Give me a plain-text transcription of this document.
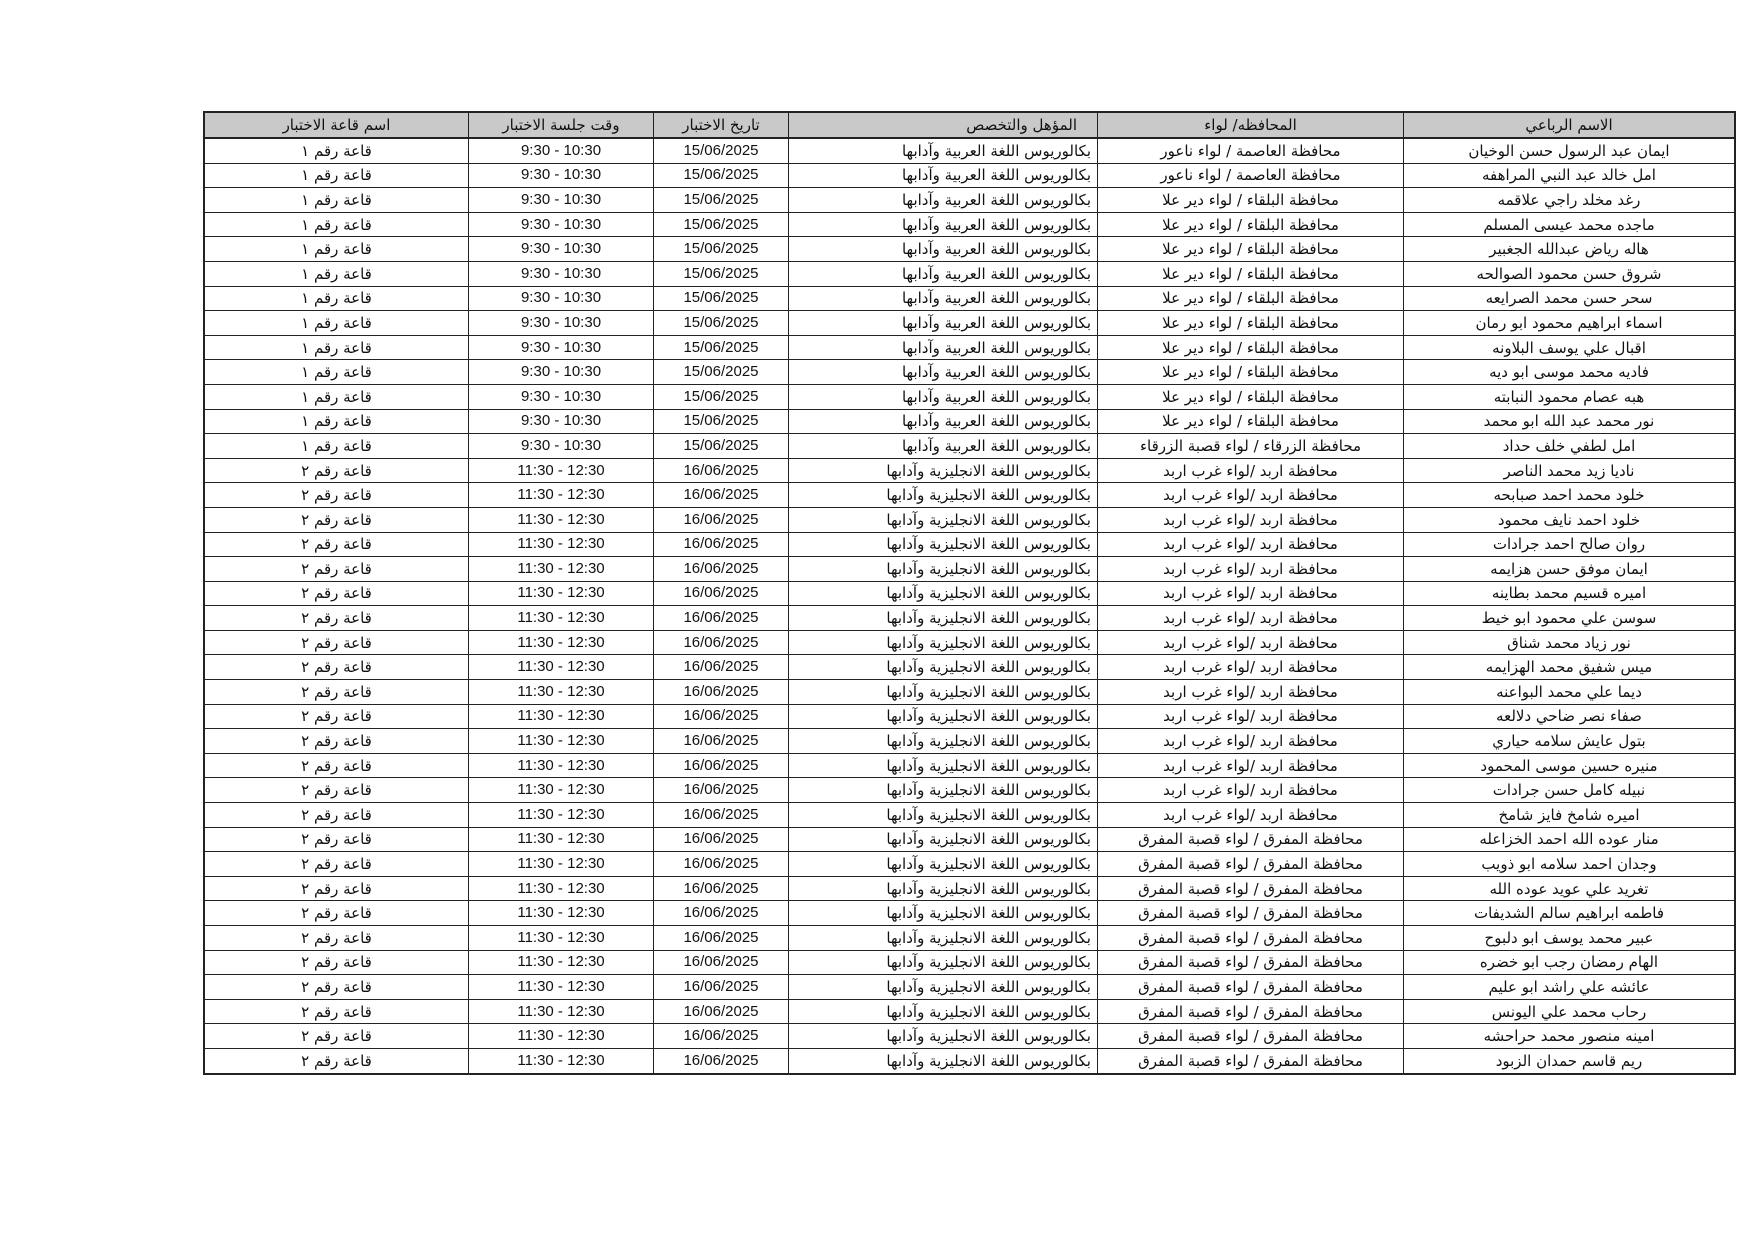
الاسم الرباعي	المحافظه/ لواء	المؤهل والتخصص	تاريخ الاختبار	وقت جلسة الاختبار	اسم قاعة الاختبار
ايمان عبد الرسول حسن الوخيان	محافظة العاصمة / لواء ناعور	بكالوريوس اللغة العربية وآدابها	15/06/2025	9:30 - 10:30	قاعة رقم ١
امل خالد عبد النبي المراهفه	محافظة العاصمة / لواء ناعور	بكالوريوس اللغة العربية وآدابها	15/06/2025	9:30 - 10:30	قاعة رقم ١
رغد مخلد راجي علاقمه	محافظة البلقاء / لواء دير علا	بكالوريوس اللغة العربية وآدابها	15/06/2025	9:30 - 10:30	قاعة رقم ١
ماجده محمد عيسى المسلم	محافظة البلقاء / لواء دير علا	بكالوريوس اللغة العربية وآدابها	15/06/2025	9:30 - 10:30	قاعة رقم ١
هاله رياض عبدالله الجغبير	محافظة البلقاء / لواء دير علا	بكالوريوس اللغة العربية وآدابها	15/06/2025	9:30 - 10:30	قاعة رقم ١
شروق حسن محمود الصوالحه	محافظة البلقاء / لواء دير علا	بكالوريوس اللغة العربية وآدابها	15/06/2025	9:30 - 10:30	قاعة رقم ١
سحر حسن محمد الصرايعه	محافظة البلقاء / لواء دير علا	بكالوريوس اللغة العربية وآدابها	15/06/2025	9:30 - 10:30	قاعة رقم ١
اسماء ابراهيم محمود ابو رمان	محافظة البلقاء / لواء دير علا	بكالوريوس اللغة العربية وآدابها	15/06/2025	9:30 - 10:30	قاعة رقم ١
اقبال علي يوسف البلاونه	محافظة البلقاء / لواء دير علا	بكالوريوس اللغة العربية وآدابها	15/06/2025	9:30 - 10:30	قاعة رقم ١
فاديه محمد موسى ابو ديه	محافظة البلقاء / لواء دير علا	بكالوريوس اللغة العربية وآدابها	15/06/2025	9:30 - 10:30	قاعة رقم ١
هبه عصام محمود النبابته	محافظة البلقاء / لواء دير علا	بكالوريوس اللغة العربية وآدابها	15/06/2025	9:30 - 10:30	قاعة رقم ١
نور محمد عبد الله ابو محمد	محافظة البلقاء / لواء دير علا	بكالوريوس اللغة العربية وآدابها	15/06/2025	9:30 - 10:30	قاعة رقم ١
امل لطفي خلف حداد	محافظة الزرقاء / لواء قصبة الزرقاء	بكالوريوس اللغة العربية وآدابها	15/06/2025	9:30 - 10:30	قاعة رقم ١
ناديا زيد محمد الناصر	محافظة اربد /لواء غرب اربد	بكالوريوس اللغة الانجليزية وآدابها	16/06/2025	11:30 - 12:30	قاعة رقم ٢
خلود محمد احمد صبابحه	محافظة اربد /لواء غرب اربد	بكالوريوس اللغة الانجليزية وآدابها	16/06/2025	11:30 - 12:30	قاعة رقم ٢
خلود احمد نايف محمود	محافظة اربد /لواء غرب اربد	بكالوريوس اللغة الانجليزية وآدابها	16/06/2025	11:30 - 12:30	قاعة رقم ٢
روان صالح احمد جرادات	محافظة اربد /لواء غرب اربد	بكالوريوس اللغة الانجليزية وآدابها	16/06/2025	11:30 - 12:30	قاعة رقم ٢
ايمان موفق حسن هزايمه	محافظة اربد /لواء غرب اربد	بكالوريوس اللغة الانجليزية وآدابها	16/06/2025	11:30 - 12:30	قاعة رقم ٢
اميره قسيم محمد بطاينه	محافظة اربد /لواء غرب اربد	بكالوريوس اللغة الانجليزية وآدابها	16/06/2025	11:30 - 12:30	قاعة رقم ٢
سوسن علي محمود ابو خيط	محافظة اربد /لواء غرب اربد	بكالوريوس اللغة الانجليزية وآدابها	16/06/2025	11:30 - 12:30	قاعة رقم ٢
نور زياد محمد شناق	محافظة اربد /لواء غرب اربد	بكالوريوس اللغة الانجليزية وآدابها	16/06/2025	11:30 - 12:30	قاعة رقم ٢
ميس شفيق محمد الهزايمه	محافظة اربد /لواء غرب اربد	بكالوريوس اللغة الانجليزية وآدابها	16/06/2025	11:30 - 12:30	قاعة رقم ٢
ديما علي محمد البواعنه	محافظة اربد /لواء غرب اربد	بكالوريوس اللغة الانجليزية وآدابها	16/06/2025	11:30 - 12:30	قاعة رقم ٢
صفاء نصر ضاحي دلالعه	محافظة اربد /لواء غرب اربد	بكالوريوس اللغة الانجليزية وآدابها	16/06/2025	11:30 - 12:30	قاعة رقم ٢
بتول عايش سلامه حياري	محافظة اربد /لواء غرب اربد	بكالوريوس اللغة الانجليزية وآدابها	16/06/2025	11:30 - 12:30	قاعة رقم ٢
منيره حسين موسى المحمود	محافظة اربد /لواء غرب اربد	بكالوريوس اللغة الانجليزية وآدابها	16/06/2025	11:30 - 12:30	قاعة رقم ٢
نبيله كامل حسن جرادات	محافظة اربد /لواء غرب اربد	بكالوريوس اللغة الانجليزية وآدابها	16/06/2025	11:30 - 12:30	قاعة رقم ٢
اميره شامخ فايز شامخ	محافظة اربد /لواء غرب اربد	بكالوريوس اللغة الانجليزية وآدابها	16/06/2025	11:30 - 12:30	قاعة رقم ٢
منار عوده الله احمد الخزاعله	محافظة المفرق / لواء قصبة المفرق	بكالوريوس اللغة الانجليزية وآدابها	16/06/2025	11:30 - 12:30	قاعة رقم ٢
وجدان احمد سلامه ابو ذويب	محافظة المفرق / لواء قصبة المفرق	بكالوريوس اللغة الانجليزية وآدابها	16/06/2025	11:30 - 12:30	قاعة رقم ٢
تغريد علي عويد عوده الله	محافظة المفرق / لواء قصبة المفرق	بكالوريوس اللغة الانجليزية وآدابها	16/06/2025	11:30 - 12:30	قاعة رقم ٢
فاطمه ابراهيم سالم الشديفات	محافظة المفرق / لواء قصبة المفرق	بكالوريوس اللغة الانجليزية وآدابها	16/06/2025	11:30 - 12:30	قاعة رقم ٢
عبير محمد يوسف ابو دلبوح	محافظة المفرق / لواء قصبة المفرق	بكالوريوس اللغة الانجليزية وآدابها	16/06/2025	11:30 - 12:30	قاعة رقم ٢
الهام رمضان رجب ابو خضره	محافظة المفرق / لواء قصبة المفرق	بكالوريوس اللغة الانجليزية وآدابها	16/06/2025	11:30 - 12:30	قاعة رقم ٢
عائشه علي راشد ابو عليم	محافظة المفرق / لواء قصبة المفرق	بكالوريوس اللغة الانجليزية وآدابها	16/06/2025	11:30 - 12:30	قاعة رقم ٢
رحاب محمد علي اليونس	محافظة المفرق / لواء قصبة المفرق	بكالوريوس اللغة الانجليزية وآدابها	16/06/2025	11:30 - 12:30	قاعة رقم ٢
امينه منصور محمد حراحشه	محافظة المفرق / لواء قصبة المفرق	بكالوريوس اللغة الانجليزية وآدابها	16/06/2025	11:30 - 12:30	قاعة رقم ٢
ريم قاسم حمدان الزبود	محافظة المفرق / لواء قصبة المفرق	بكالوريوس اللغة الانجليزية وآدابها	16/06/2025	11:30 - 12:30	قاعة رقم ٢
